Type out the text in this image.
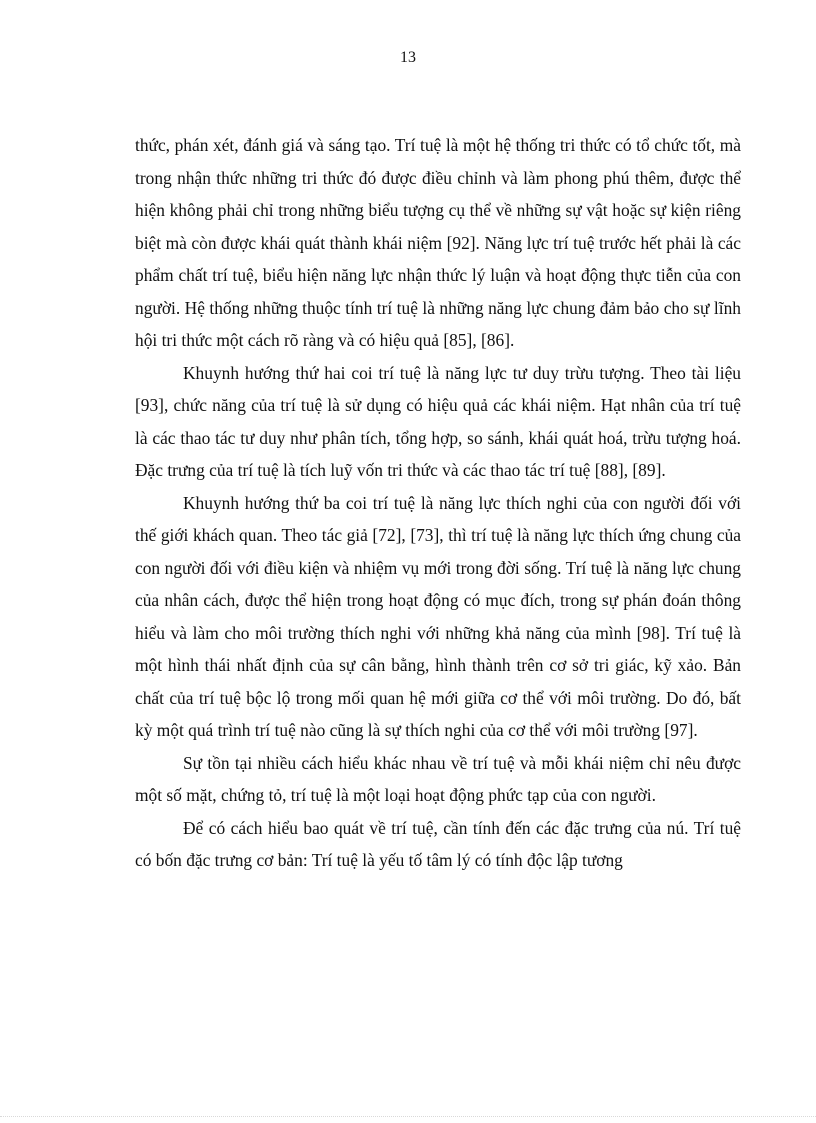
13

thức, phán xét, đánh giá và sáng tạo. Trí tuệ là một hệ thống tri thức có tổ chức tốt, mà trong nhận thức những tri thức đó được điều chỉnh và làm phong phú thêm, được thể hiện không phải chỉ trong những biểu tượng cụ thể về những sự vật hoặc sự kiện riêng biệt mà còn được khái quát thành khái niệm [92]. Năng lực trí tuệ trước hết phải là các phẩm chất trí tuệ, biểu hiện năng lực nhận thức lý luận và hoạt động thực tiễn của con người. Hệ thống những thuộc tính trí tuệ là những năng lực chung đảm bảo cho sự lĩnh hội tri thức một cách rõ ràng và có hiệu quả [85], [86].

Khuynh hướng thứ hai coi trí tuệ là năng lực tư duy trừu tượng. Theo tài liệu [93], chức năng của trí tuệ là sử dụng có hiệu quả các khái niệm. Hạt nhân của trí tuệ là các thao tác tư duy như phân tích, tổng hợp, so sánh, khái quát hoá, trừu tượng hoá. Đặc trưng của trí tuệ là tích luỹ vốn tri thức và các thao tác trí tuệ [88], [89].

Khuynh hướng thứ ba coi trí tuệ là năng lực thích nghi của con người đối với thế giới khách quan. Theo tác giả [72], [73], thì trí tuệ là năng lực thích ứng chung của con người đối với điều kiện và nhiệm vụ mới trong đời sống. Trí tuệ là năng lực chung của nhân cách, được thể hiện trong hoạt động có mục đích, trong sự phán đoán thông hiểu và làm cho môi trường thích nghi với những khả năng của mình [98]. Trí tuệ là một hình thái nhất định của sự cân bằng, hình thành trên cơ sở tri giác, kỹ xảo. Bản chất của trí tuệ bộc lộ trong mối quan hệ mới giữa cơ thể với môi trường. Do đó, bất kỳ một quá trình trí tuệ nào cũng là sự thích nghi của cơ thể với môi trường [97].

Sự tồn tại nhiều cách hiểu khác nhau về trí tuệ và mỗi khái niệm chỉ nêu được một số mặt, chứng tỏ, trí tuệ là một loại hoạt động phức tạp của con người.

Để có cách hiểu bao quát về trí tuệ, cần tính đến các đặc trưng của nú. Trí tuệ có bốn đặc trưng cơ bản: Trí tuệ là yếu tố tâm lý có tính độc lập tương
